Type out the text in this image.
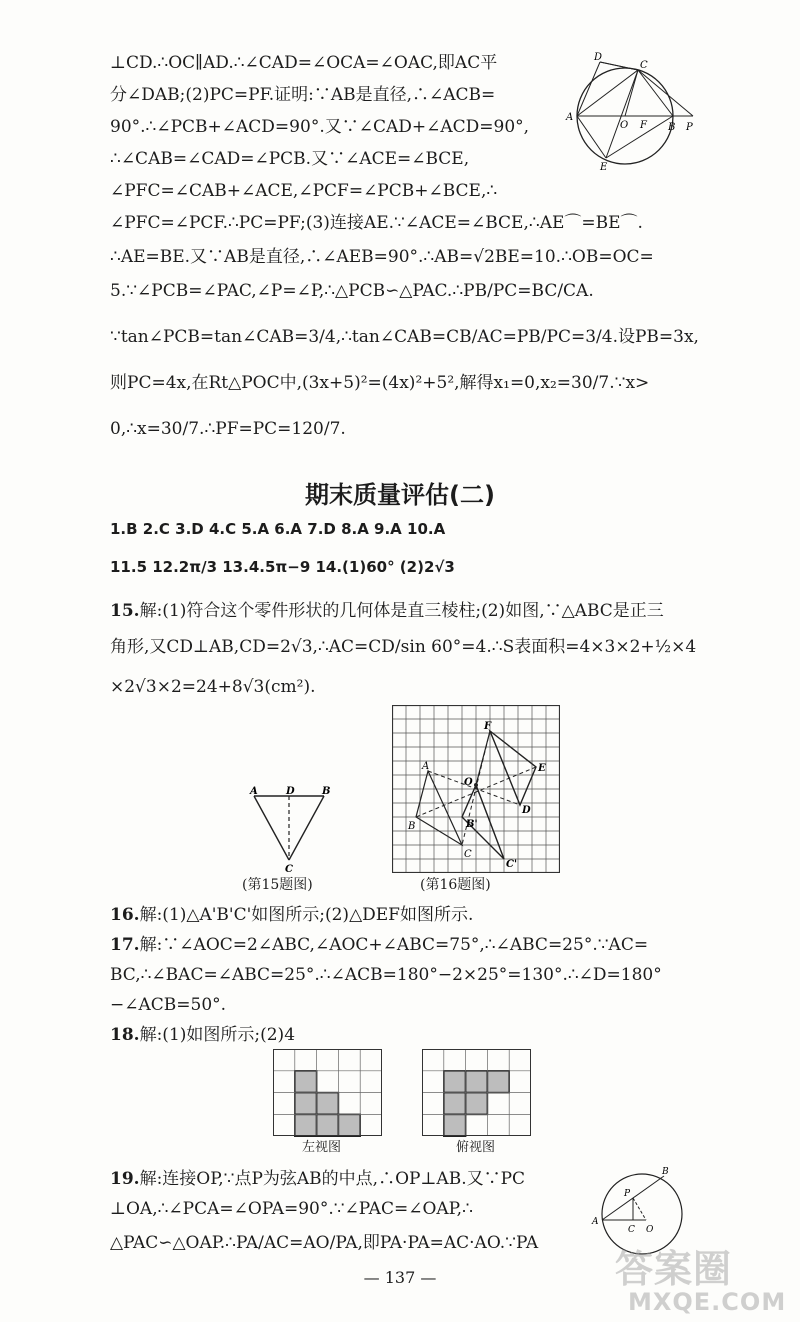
⊥CD.∴OC∥AD.∴∠CAD=∠OCA=∠OAC,即AC平
分∠DAB;(2)PC=PF.证明:∵AB是直径,∴∠ACB=
90°.∴∠PCB+∠ACD=90°.又∵∠CAD+∠ACD=90°,
∴∠CAB=∠CAD=∠PCB.又∵∠ACE=∠BCE,
∠PFC=∠CAB+∠ACE,∠PCF=∠PCB+∠BCE,∴
∠PFC=∠PCF.∴PC=PF;(3)连接AE.∵∠ACE=∠BCE,∴AE⌒=BE⌒.
∴AE=BE.又∵AB是直径,∴∠AEB=90°.∴AB=√2BE=10.∴OB=OC=
5.∵∠PCB=∠PAC,∠P=∠P,∴△PCB∽△PAC.∴PB/PC=BC/CA.
∵tan∠PCB=tan∠CAB=3/4,∴tan∠CAB=CB/AC=PB/PC=3/4.设PB=3x,
则PC=4x,在Rt△POC中,(3x+5)²=(4x)²+5²,解得x₁=0,x₂=30/7.∵x>
0,∴x=30/7.∴PF=PC=120/7.
D
C
A
O F B P
E
期末质量评估(二)
1.B 2.C 3.D 4.C 5.A 6.A 7.D 8.A 9.A 10.A
11.5 12.2π/3 13.4.5π−9 14.(1)60° (2)2√3
15.解:(1)符合这个零件形状的几何体是直三棱柱;(2)如图,∵△ABC是正三
角形,又CD⊥AB,CD=2√3,∴AC=CD/sin 60°=4.∴S表面积=4×3×2+½×4
×2√3×2=24+8√3(cm²).
A	D	B
C
(第15题图)
F
A	E
O
D
B	B'
C
C'
(第16题图)
16.解:(1)△A'B'C'如图所示;(2)△DEF如图所示.
17.解:∵∠AOC=2∠ABC,∠AOC+∠ABC=75°,∴∠ABC=25°.∵AC=
BC,∴∠BAC=∠ABC=25°.∴∠ACB=180°−2×25°=130°.∴∠D=180°
−∠ACB=50°.
18.解:(1)如图所示;(2)4
左视图	俯视图
19.解:连接OP,∵点P为弦AB的中点,∴OP⊥AB.又∵PC
⊥OA,∴∠PCA=∠OPA=90°.∵∠PAC=∠OAP,∴
△PAC∽△OAP.∴PA/AC=AO/PA,即PA·PA=AC·AO.∵PA
A
B
P
C O
— 137 —	答案圈
MXQE.COM
